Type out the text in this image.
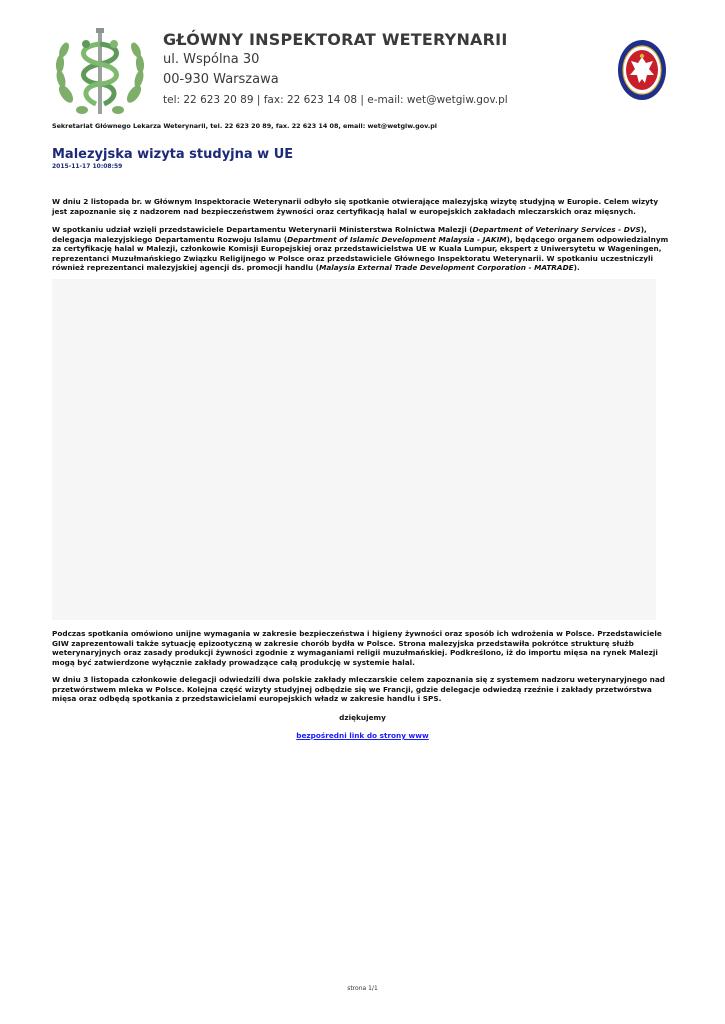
GŁÓWNY INSPEKTORAT WETERYNARII

ul. Wspólna 30

00-930 Warszawa

tel: 22 623 20 89 | fax: 22 623 14 08 | e-mail: wet@wetgiw.gov.pl

Sekretariat Głównego Lekarza Weterynarii, tel. 22 623 20 89, fax. 22 623 14 08, email: wet@wetgiw.gov.pl
Malezyjska wizyta studyjna w UE
2015-11-17 10:08:59

W dniu 2 listopada br. w Głównym Inspektoracie Weterynarii odbyło się spotkanie otwierające malezyjską wizytę studyjną w Europie. Celem wizyty jest zapoznanie się z nadzorem nad bezpieczeństwem żywności oraz certyfikacją halal w europejskich zakładach mleczarskich oraz mięsnych.

W spotkaniu udział wzięli przedstawiciele Departamentu Weterynarii Ministerstwa Rolnictwa Malezji (Department of Veterinary Services - DVS), delegacja malezyjskiego Departamentu Rozwoju Islamu (Department of Islamic Development Malaysia - JAKIM), będącego organem odpowiedzialnym za certyfikację halal w Malezji, członkowie Komisji Europejskiej oraz przedstawicielstwa UE w Kuala Lumpur, ekspert z Uniwersytetu w Wageningen, reprezentanci Muzułmańskiego Związku Religijnego w Polsce oraz przedstawiciele Głównego Inspektoratu Weterynarii. W spotkaniu uczestniczyli również reprezentanci malezyjskiej agencji ds. promocji handlu (Malaysia External Trade Development Corporation - MATRADE).

Podczas spotkania omówiono unijne wymagania w zakresie bezpieczeństwa i higieny żywności oraz sposób ich wdrożenia w Polsce. Przedstawiciele GIW zaprezentowali także sytuację epizootyczną w zakresie chorób bydła w Polsce. Strona malezyjska przedstawiła pokrótce strukturę służb weterynaryjnych oraz zasady produkcji żywności zgodnie z wymaganiami religii muzułmańskiej. Podkreślono, iż do importu mięsa na rynek Malezji mogą być zatwierdzone wyłącznie zakłady prowadzące całą produkcję w systemie halal.

W dniu 3 listopada członkowie delegacji odwiedzili dwa polskie zakłady mleczarskie celem zapoznania się z systemem nadzoru weterynaryjnego nad przetwórstwem mleka w Polsce. Kolejna część wizyty studyjnej odbędzie się we Francji, gdzie delegacje odwiedzą rzeźnie i zakłady przetwórstwa mięsa oraz odbędą spotkania z przedstawicielami europejskich władz w zakresie handlu i SPS.

dziękujemy
bezpośredni link do strony www
strona 1/1
